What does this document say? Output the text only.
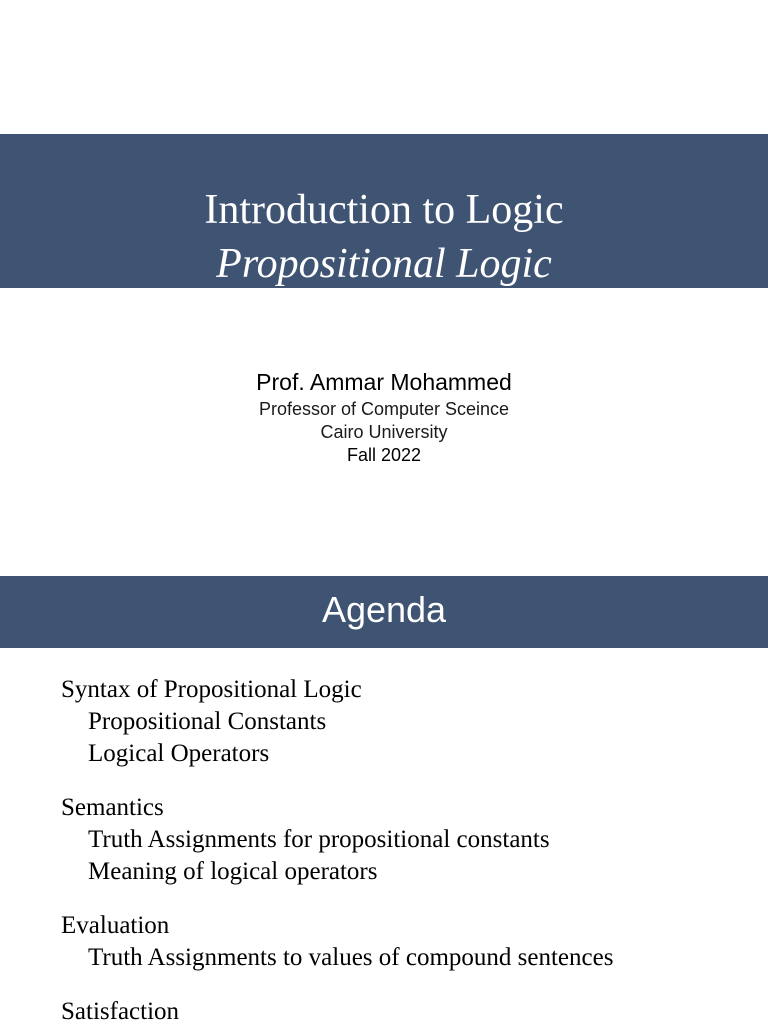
Introduction to Logic
Propositional Logic
Prof. Ammar Mohammed
Professor of Computer Sceince
Cairo University
Fall 2022
Agenda
Syntax of Propositional Logic
Propositional Constants
Logical Operators
Semantics
Truth Assignments for propositional constants
Meaning of logical operators
Evaluation
Truth Assignments to values of compound sentences
Satisfaction
